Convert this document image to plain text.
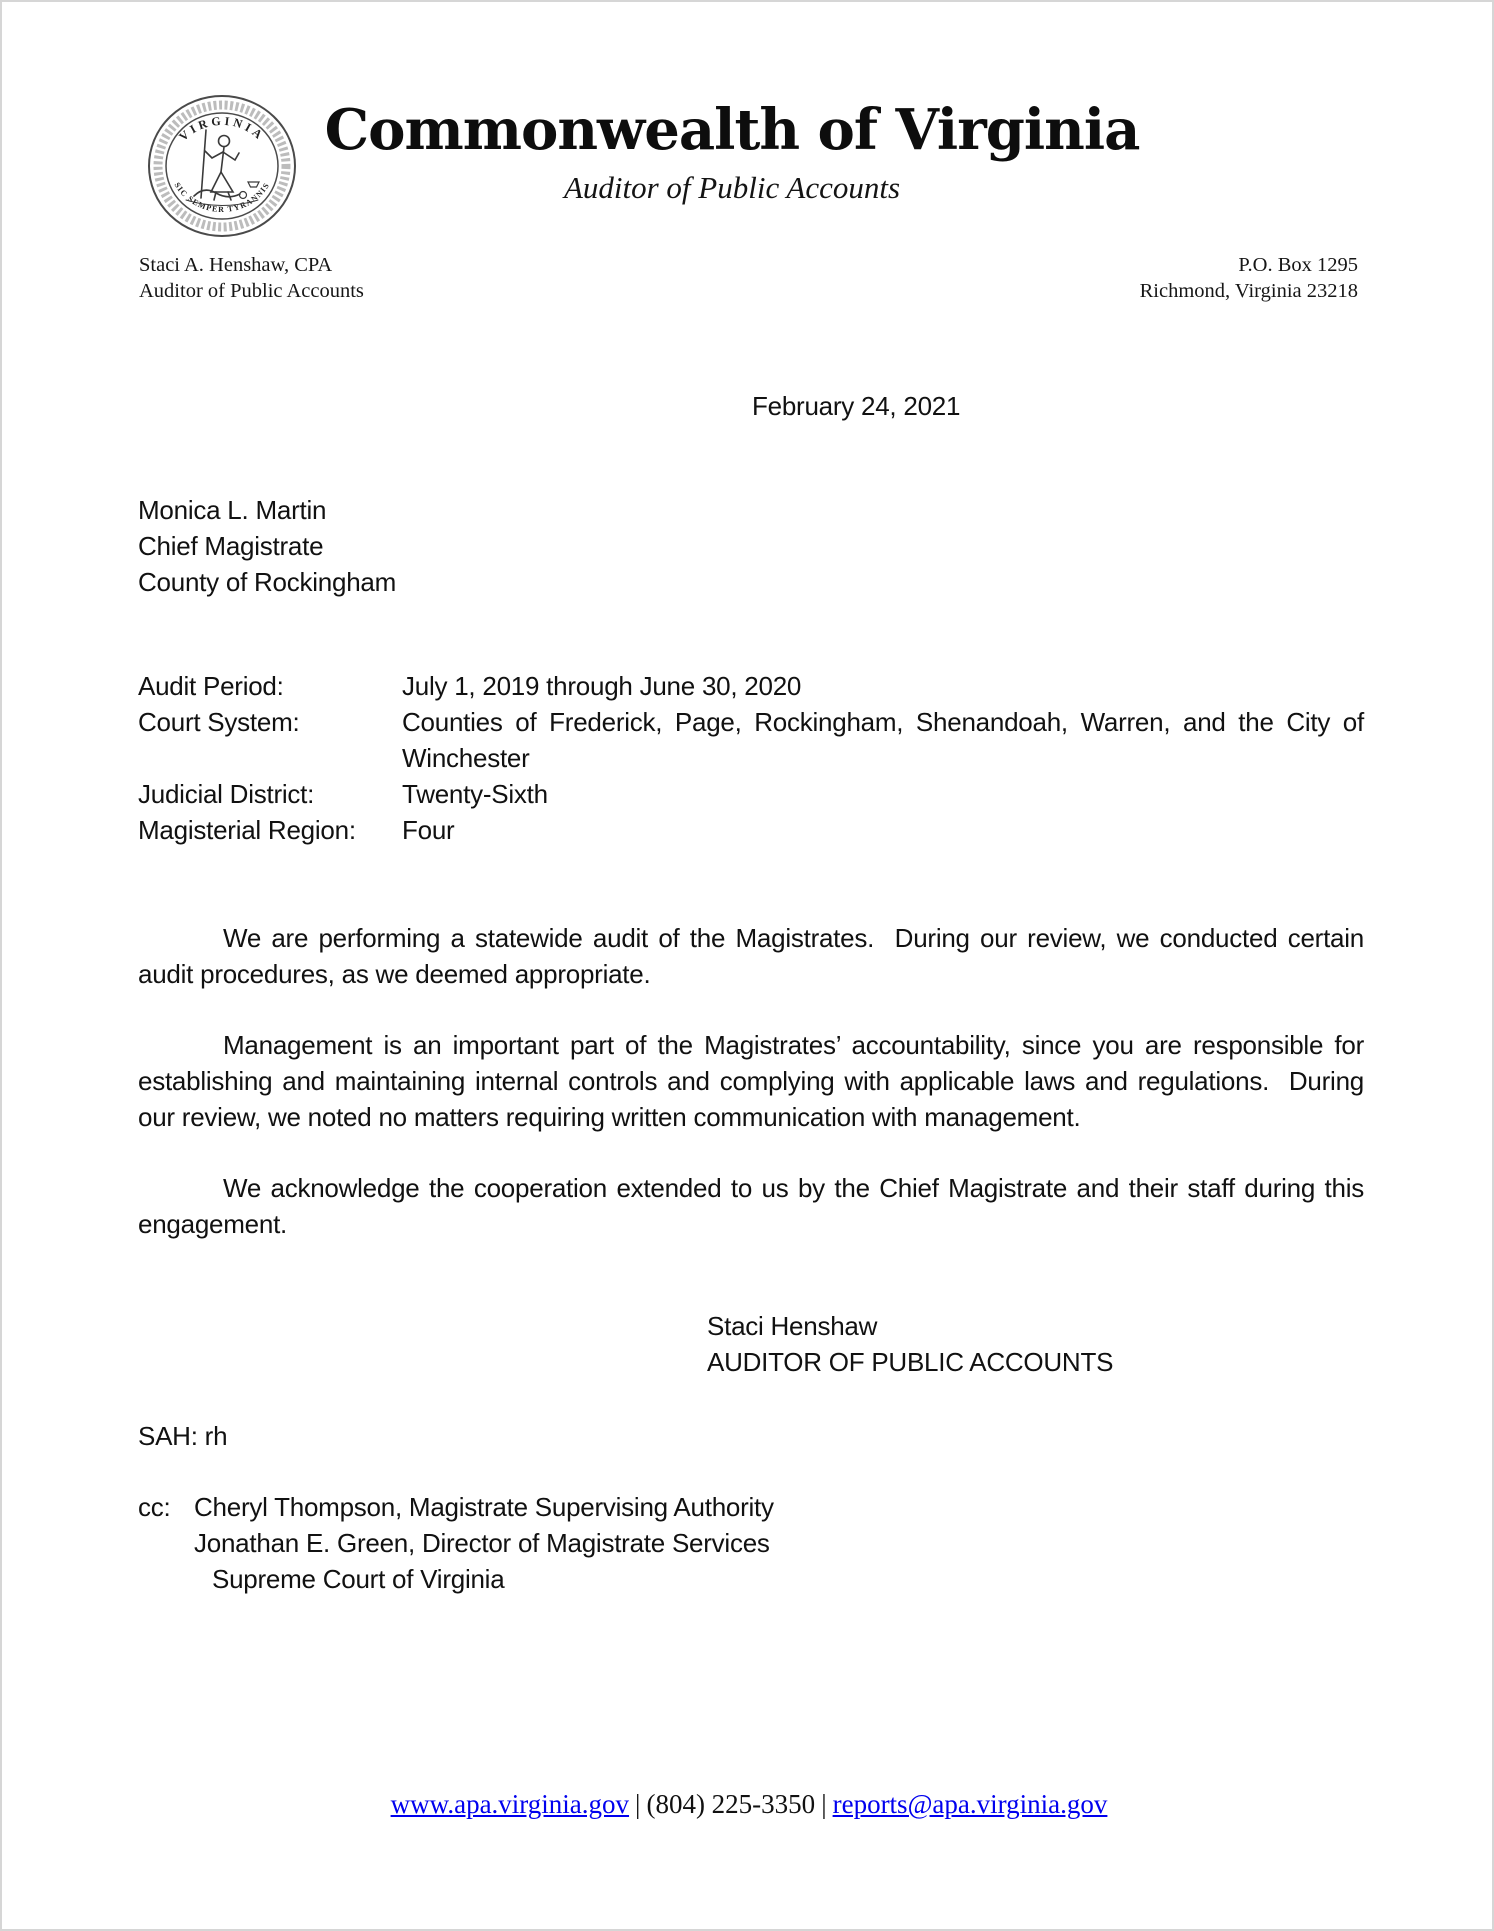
VIRGINIA
SIC SEMPER TYRANNIS
Commonwealth of Virginia
Auditor of Public Accounts
Staci A. Henshaw, CPA
Auditor of Public Accounts
P.O. Box 1295
Richmond, Virginia 23218
February 24, 2021
Monica L. Martin
Chief Magistrate
County of Rockingham
Audit Period:	July 1, 2019 through June 30, 2020
Court System:	Counties of Frederick, Page, Rockingham, Shenandoah, Warren, and the City of Winchester
Judicial District:	Twenty-Sixth
Magisterial Region:	Four
We are performing a statewide audit of the Magistrates.  During our review, we conducted certain audit procedures, as we deemed appropriate.
Management is an important part of the Magistrates’ accountability, since you are responsible for establishing and maintaining internal controls and complying with applicable laws and regulations.  During our review, we noted no matters requiring written communication with management.
We acknowledge the cooperation extended to us by the Chief Magistrate and their staff during this engagement.
Staci Henshaw
AUDITOR OF PUBLIC ACCOUNTS
SAH: rh
cc: Cheryl Thompson, Magistrate Supervising Authority
Jonathan E. Green, Director of Magistrate Services
Supreme Court of Virginia
www.apa.virginia.gov | (804) 225-3350 | reports@apa.virginia.gov
